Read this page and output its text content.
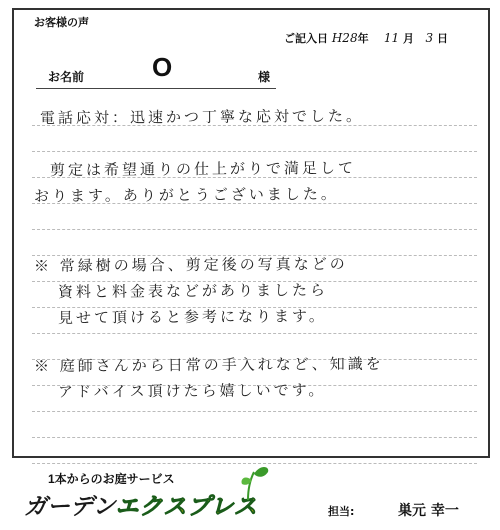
お客様の声
ご記入日 H28年 11 月 3 日
お名前	O	様
電話応対：迅速かつ丁寧な応対でした。
剪定は希望通りの仕上がりで満足して
おります。ありがとうございました。
※ 常緑樹の場合、剪定後の写真などの
資料と料金表などがありましたら
見せて頂けると参考になります。
※ 庭師さんから日常の手入れなど、知識を
アドバイス頂けたら嬉しいです。
1本からのお庭サービス
ガーデンエクスプレス	担当:	巣元 幸一
